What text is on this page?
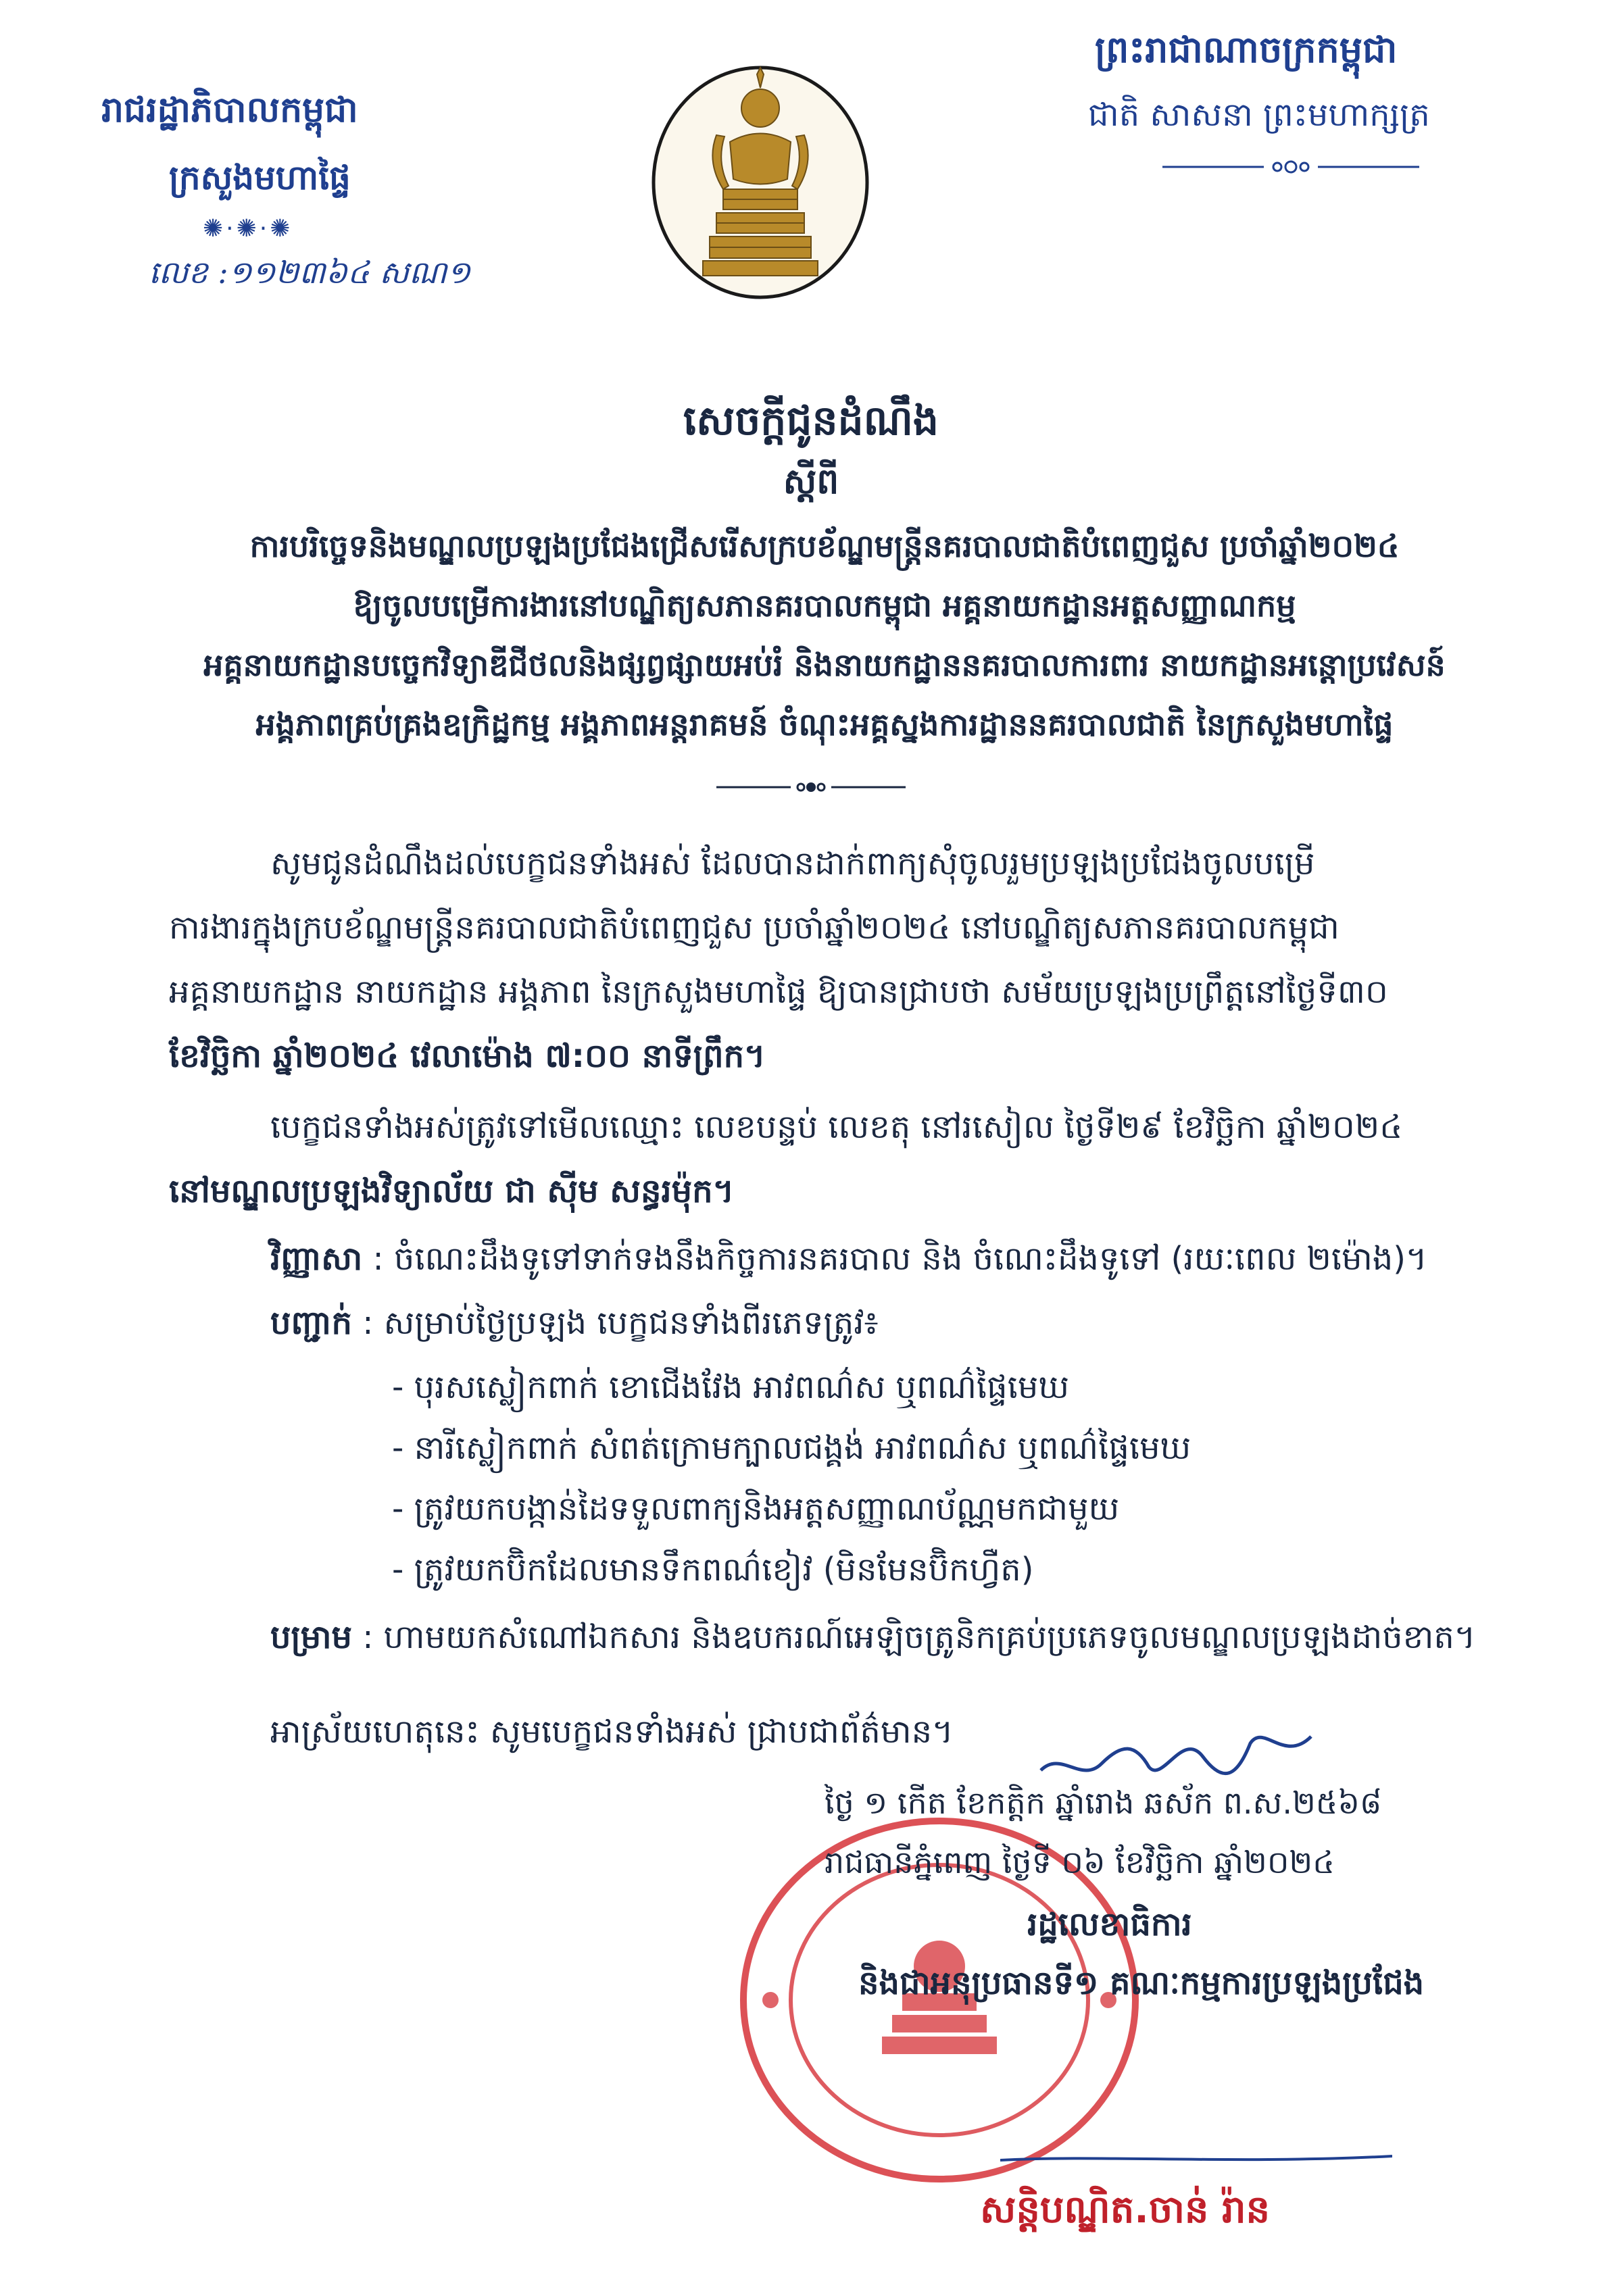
រាជរដ្ឋាភិបាលកម្ពុជា
ក្រសួងមហាផ្ទៃ
✺·✺·✺
លេខ :១១២៣៦៤ សណ១
ព្រះរាជាណាចក្រកម្ពុជា
ជាតិ សាសនា ព្រះមហាក្សត្រ
សេចក្តីជូនដំណឹង
ស្តីពី
ការបរិច្ចេទនិងមណ្ឌលប្រឡងប្រជែងជ្រើសរើសក្របខ័ណ្ឌមន្ត្រីនគរបាលជាតិបំពេញជួស ប្រចាំឆ្នាំ២០២៤
ឱ្យចូលបម្រើការងារនៅបណ្ឌិត្យសភានគរបាលកម្ពុជា អគ្គនាយកដ្ឋានអត្តសញ្ញាណកម្ម
អគ្គនាយកដ្ឋានបច្ចេកវិទ្យាឌីជីថលនិងផ្សព្វផ្សាយអប់រំ និងនាយកដ្ឋាននគរបាលការពារ នាយកដ្ឋានអន្តោប្រវេសន៍
អង្គភាពគ្រប់គ្រងឧក្រិដ្ឋកម្ម អង្គភាពអន្តរាគមន៍ ចំណុះអគ្គស្នងការដ្ឋាននគរបាលជាតិ នៃក្រសួងមហាផ្ទៃ
សូមជូនដំណឹងដល់បេក្ខជនទាំងអស់ ដែលបានដាក់ពាក្យសុំចូលរួមប្រឡងប្រជែងចូលបម្រើ
ការងារក្នុងក្របខ័ណ្ឌមន្ត្រីនគរបាលជាតិបំពេញជួស ប្រចាំឆ្នាំ២០២៤ នៅបណ្ឌិត្យសភានគរបាលកម្ពុជា
អគ្គនាយកដ្ឋាន នាយកដ្ឋាន អង្គភាព នៃក្រសួងមហាផ្ទៃ ឱ្យបានជ្រាបថា សម័យប្រឡងប្រព្រឹត្តនៅថ្ងៃទី៣០
ខែវិច្ឆិកា ឆ្នាំ២០២៤ វេលាម៉ោង ៧:០០ នាទីព្រឹក។
បេក្ខជនទាំងអស់ត្រូវទៅមើលឈ្មោះ លេខបន្ទប់ លេខតុ នៅរសៀល ថ្ងៃទី២៩ ខែវិច្ឆិកា ឆ្នាំ២០២៤
នៅមណ្ឌលប្រឡងវិទ្យាល័យ ជា ស៊ីម សន្ធរម៉ុក។
វិញ្ញាសា : ចំណេះដឹងទូទៅទាក់ទងនឹងកិច្ចការនគរបាល និង ចំណេះដឹងទូទៅ (រយៈពេល ២ម៉ោង)។
បញ្ជាក់ : សម្រាប់ថ្ងៃប្រឡង បេក្ខជនទាំងពីរភេទត្រូវ៖
- បុរសស្លៀកពាក់ ខោជើងវែង អាវពណ៌ស ឬពណ៌ផ្ទៃមេឃ
- នារីស្លៀកពាក់ សំពត់ក្រោមក្បាលជង្គង់ អាវពណ៌ស ឬពណ៌ផ្ទៃមេឃ
- ត្រូវយកបង្កាន់ដៃទទួលពាក្យនិងអត្តសញ្ញាណប័ណ្ណមកជាមួយ
- ត្រូវយកប៊ិកដែលមានទឹកពណ៌ខៀវ (មិនមែនប៊ិកហ្វឺត)
បម្រាម : ហាមយកសំណៅឯកសារ និងឧបករណ៍អេឡិចត្រូនិកគ្រប់ប្រភេទចូលមណ្ឌលប្រឡងដាច់ខាត។
អាស្រ័យហេតុនេះ សូមបេក្ខជនទាំងអស់ ជ្រាបជាព័ត៌មាន។
ថ្ងៃ ១ កើត ខែកត្តិក ឆ្នាំរោង ឆស័ក ព.ស.២៥៦៨
រាជធានីភ្នំពេញ ថ្ងៃទី ០៦ ខែវិច្ឆិកា ឆ្នាំ២០២៤
រដ្ឋលេខាធិការ
និងជាអនុប្រធានទី១ គណៈកម្មការប្រឡងប្រជែង
សន្តិបណ្ឌិត.ចាន់ រ៉ាន
